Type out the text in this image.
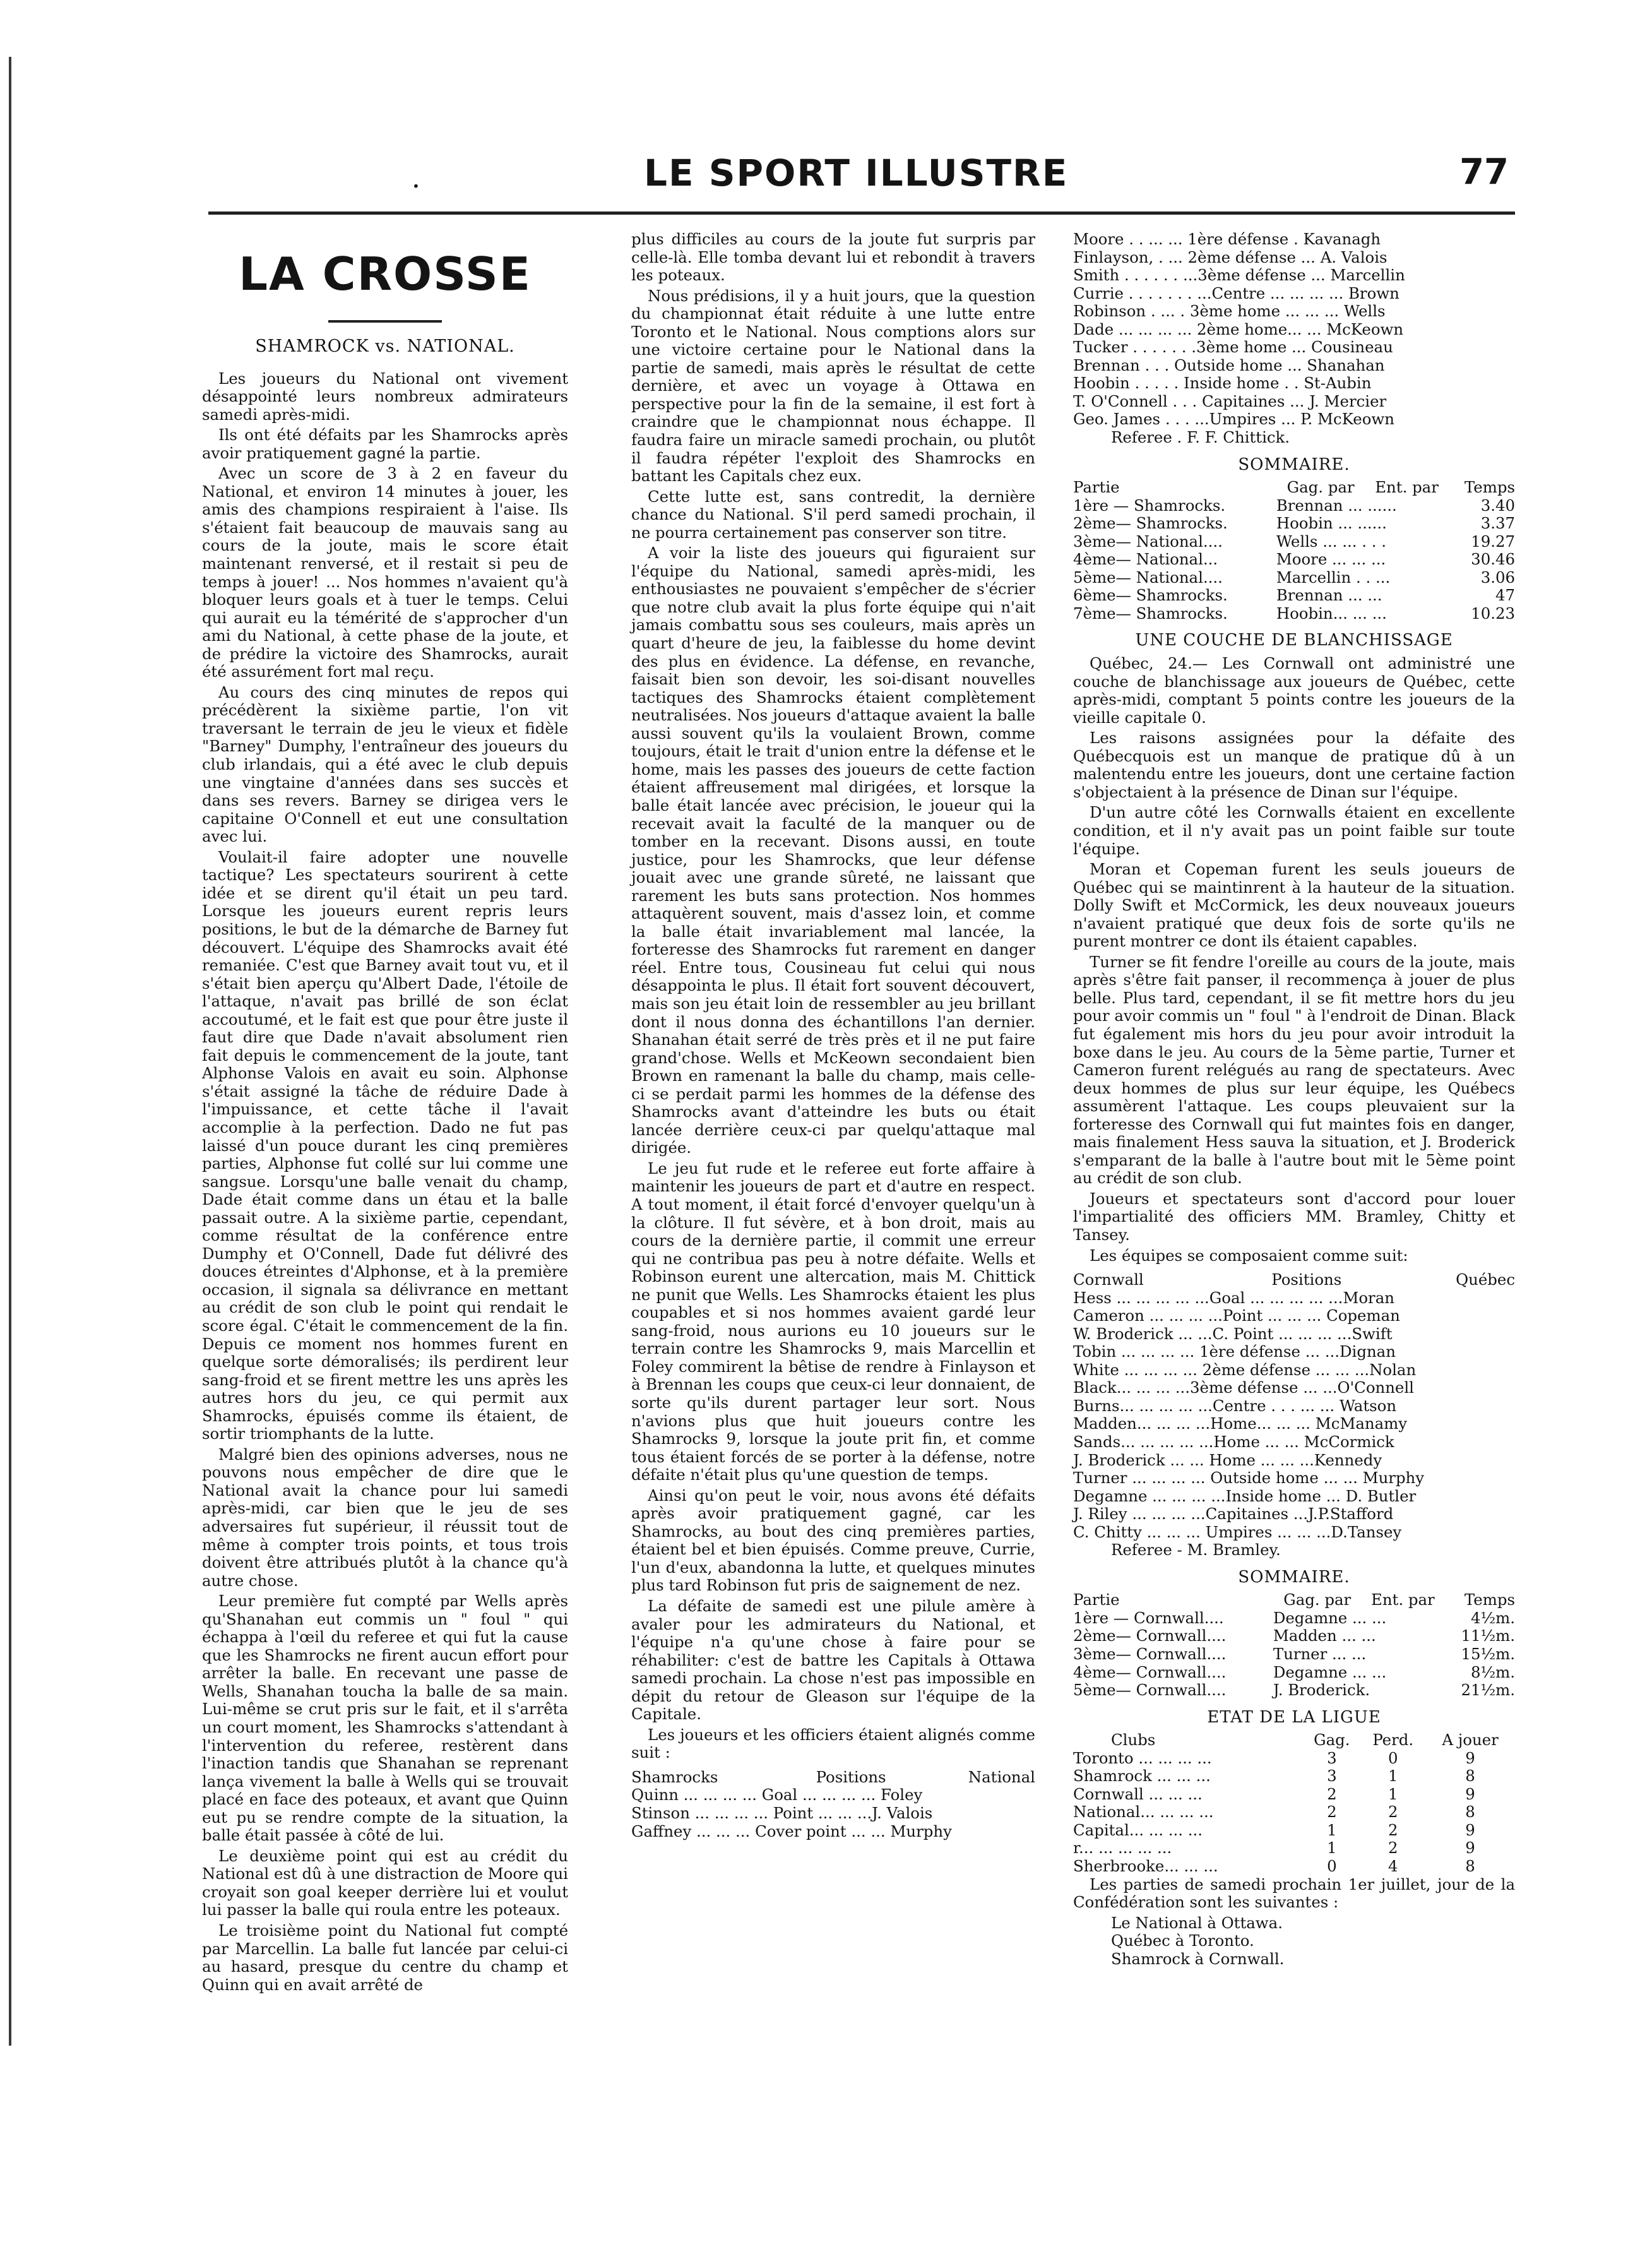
·	LE SPORT ILLUSTRE	77
LA CROSSE
SHAMROCK vs. NATIONAL.

Les joueurs du National ont vivement désappointé leurs nombreux admirateurs samedi après-midi.

Ils ont été défaits par les Shamrocks après avoir pratiquement gagné la partie.

Avec un score de 3 à 2 en faveur du National, et environ 14 minutes à jouer, les amis des champions respiraient à l'aise. Ils s'étaient fait beaucoup de mauvais sang au cours de la joute, mais le score était maintenant renversé, et il restait si peu de temps à jouer! ... Nos hommes n'avaient qu'à bloquer leurs goals et à tuer le temps. Celui qui aurait eu la témérité de s'approcher d'un ami du National, à cette phase de la joute, et de prédire la victoire des Shamrocks, aurait été assurément fort mal reçu.

Au cours des cinq minutes de repos qui précédèrent la sixième partie, l'on vit traversant le terrain de jeu le vieux et fidèle "Barney" Dumphy, l'entraîneur des joueurs du club irlandais, qui a été avec le club depuis une vingtaine d'années dans ses succès et dans ses revers. Barney se dirigea vers le capitaine O'Connell et eut une consultation avec lui.

Voulait-il faire adopter une nouvelle tactique? Les spectateurs sourirent à cette idée et se dirent qu'il était un peu tard. Lorsque les joueurs eurent repris leurs positions, le but de la démarche de Barney fut découvert. L'équipe des Shamrocks avait été remaniée. C'est que Barney avait tout vu, et il s'était bien aperçu qu'Albert Dade, l'étoile de l'attaque, n'avait pas brillé de son éclat accoutumé, et le fait est que pour être juste il faut dire que Dade n'avait absolument rien fait depuis le commencement de la joute, tant Alphonse Valois en avait eu soin. Alphonse s'était assigné la tâche de réduire Dade à l'impuissance, et cette tâche il l'avait accomplie à la perfection. Dado ne fut pas laissé d'un pouce durant les cinq premières parties, Alphonse fut collé sur lui comme une sangsue. Lorsqu'une balle venait du champ, Dade était comme dans un étau et la balle passait outre. A la sixième partie, cependant, comme résultat de la conférence entre Dumphy et O'Connell, Dade fut délivré des douces étreintes d'Alphonse, et à la première occasion, il signala sa délivrance en mettant au crédit de son club le point qui rendait le score égal. C'était le commencement de la fin. Depuis ce moment nos hommes furent en quelque sorte démoralisés; ils perdirent leur sang-froid et se firent mettre les uns après les autres hors du jeu, ce qui permit aux Shamrocks, épuisés comme ils étaient, de sortir triomphants de la lutte.

Malgré bien des opinions adverses, nous ne pouvons nous empêcher de dire que le National avait la chance pour lui samedi après-midi, car bien que le jeu de ses adversaires fut supérieur, il réussit tout de même à compter trois points, et tous trois doivent être attribués plutôt à la chance qu'à autre chose.

Leur première fut compté par Wells après qu'Shanahan eut commis un " foul " qui échappa à l'œil du referee et qui fut la cause que les Shamrocks ne firent aucun effort pour arrêter la balle. En recevant une passe de Wells, Shanahan toucha la balle de sa main. Lui-même se crut pris sur le fait, et il s'arrêta un court moment, les Shamrocks s'attendant à l'intervention du referee, restèrent dans l'inaction tandis que Shanahan se reprenant lança vivement la balle à Wells qui se trouvait placé en face des poteaux, et avant que Quinn eut pu se rendre compte de la situation, la balle était passée à côté de lui.

Le deuxième point qui est au crédit du National est dû à une distraction de Moore qui croyait son goal keeper derrière lui et voulut lui passer la balle qui roula entre les poteaux.

Le troisième point du National fut compté par Marcellin. La balle fut lancée par celui-ci au hasard, presque du centre du champ et Quinn qui en avait arrêté de

plus difficiles au cours de la joute fut surpris par celle-là. Elle tomba devant lui et rebondit à travers les poteaux.

Nous prédisions, il y a huit jours, que la question du championnat était réduite à une lutte entre Toronto et le National. Nous comptions alors sur une victoire certaine pour le National dans la partie de samedi, mais après le résultat de cette dernière, et avec un voyage à Ottawa en perspective pour la fin de la semaine, il est fort à craindre que le championnat nous échappe. Il faudra faire un miracle samedi prochain, ou plutôt il faudra répéter l'exploit des Shamrocks en battant les Capitals chez eux.

Cette lutte est, sans contredit, la dernière chance du National. S'il perd samedi prochain, il ne pourra certainement pas conserver son titre.

A voir la liste des joueurs qui figuraient sur l'équipe du National, samedi après-midi, les enthousiastes ne pouvaient s'empêcher de s'écrier que notre club avait la plus forte équipe qui n'ait jamais combattu sous ses couleurs, mais après un quart d'heure de jeu, la faiblesse du home devint des plus en évidence. La défense, en revanche, faisait bien son devoir, les soi-disant nouvelles tactiques des Shamrocks étaient complètement neutralisées. Nos joueurs d'attaque avaient la balle aussi souvent qu'ils la voulaient Brown, comme toujours, était le trait d'union entre la défense et le home, mais les passes des joueurs de cette faction étaient affreusement mal dirigées, et lorsque la balle était lancée avec précision, le joueur qui la recevait avait la faculté de la manquer ou de tomber en la recevant. Disons aussi, en toute justice, pour les Shamrocks, que leur défense jouait avec une grande sûreté, ne laissant que rarement les buts sans protection. Nos hommes attaquèrent souvent, mais d'assez loin, et comme la balle était invariablement mal lancée, la forteresse des Shamrocks fut rarement en danger réel. Entre tous, Cousineau fut celui qui nous désappointa le plus. Il était fort souvent découvert, mais son jeu était loin de ressembler au jeu brillant dont il nous donna des échantillons l'an dernier. Shanahan était serré de très près et il ne put faire grand'chose. Wells et McKeown secondaient bien Brown en ramenant la balle du champ, mais celle-ci se perdait parmi les hommes de la défense des Shamrocks avant d'atteindre les buts ou était lancée derrière ceux-ci par quelqu'attaque mal dirigée.

Le jeu fut rude et le referee eut forte affaire à maintenir les joueurs de part et d'autre en respect. A tout moment, il était forcé d'envoyer quelqu'un à la clôture. Il fut sévère, et à bon droit, mais au cours de la dernière partie, il commit une erreur qui ne contribua pas peu à notre défaite. Wells et Robinson eurent une altercation, mais M. Chittick ne punit que Wells. Les Shamrocks étaient les plus coupables et si nos hommes avaient gardé leur sang-froid, nous aurions eu 10 joueurs sur le terrain contre les Shamrocks 9, mais Marcellin et Foley commirent la bêtise de rendre à Finlayson et à Brennan les coups que ceux-ci leur donnaient, de sorte qu'ils durent partager leur sort. Nous n'avions plus que huit joueurs contre les Shamrocks 9, lorsque la joute prit fin, et comme tous étaient forcés de se porter à la défense, notre défaite n'était plus qu'une question de temps.

Ainsi qu'on peut le voir, nous avons été défaits après avoir pratiquement gagné, car les Shamrocks, au bout des cinq premières parties, étaient bel et bien épuisés. Comme preuve, Currie, l'un d'eux, abandonna la lutte, et quelques minutes plus tard Robinson fut pris de saignement de nez.

La défaite de samedi est une pilule amère à avaler pour les admirateurs du National, et l'équipe n'a qu'une chose à faire pour se réhabiliter: c'est de battre les Capitals à Ottawa samedi prochain. La chose n'est pas impossible en dépit du retour de Gleason sur l'équipe de la Capitale.

Les joueurs et les officiers étaient alignés comme suit :

Shamrocks	Positions	National
Quinn ... ... ... ... Goal ... ... ... ... Foley
Stinson ... ... ... ... Point ... ... ...J. Valois
Gaffney ... ... ... Cover point ... ... Murphy
Moore . . ... ... 1ère défense . Kavanagh
Finlayson, . ... 2ème défense ... A. Valois
Smith . . . . . . ...3ème défense ... Marcellin
Currie . . . . . . . ...Centre ... ... ... ... Brown
Robinson . ... . 3ème home ... ... ... Wells
Dade ... ... ... ... 2ème home... ... McKeown
Tucker . . . . . . .3ème home ... Cousineau
Brennan . . . Outside home ... Shanahan
Hoobin . . . . . Inside home . . St-Aubin
T. O'Connell . . . Capitaines ... J. Mercier
Geo. James . . . ...Umpires ... P. McKeown
Referee . F. F. Chittick.
SOMMAIRE.
Partie	Gag. par	Ent. par	Temps
1ère — Shamrocks.	Brennan ... ......		3.40
2ème— Shamrocks.	Hoobin ... ......		3.37
3ème— National....	Wells ... ... . . .		19.27
4ème— National...	Moore ... ... ...		30.46
5ème— National....	Marcellin . . ...		3.06
6ème— Shamrocks.	Brennan ... ...		47
7ème— Shamrocks.	Hoobin... ... ...		10.23
UNE COUCHE DE BLANCHISSAGE

Québec, 24.— Les Cornwall ont administré une couche de blanchissage aux joueurs de Québec, cette après-midi, comptant 5 points contre les joueurs de la vieille capitale 0.

Les raisons assignées pour la défaite des Québecquois est un manque de pratique dû à un malentendu entre les joueurs, dont une certaine faction s'objectaient à la présence de Dinan sur l'équipe.

D'un autre côté les Cornwalls étaient en excellente condition, et il n'y avait pas un point faible sur toute l'équipe.

Moran et Copeman furent les seuls joueurs de Québec qui se maintinrent à la hauteur de la situation. Dolly Swift et McCormick, les deux nouveaux joueurs n'avaient pratiqué que deux fois de sorte qu'ils ne purent montrer ce dont ils étaient capables.

Turner se fit fendre l'oreille au cours de la joute, mais après s'être fait panser, il recommença à jouer de plus belle. Plus tard, cependant, il se fit mettre hors du jeu pour avoir commis un " foul " à l'endroit de Dinan. Black fut également mis hors du jeu pour avoir introduit la boxe dans le jeu. Au cours de la 5ème partie, Turner et Cameron furent relégués au rang de spectateurs. Avec deux hommes de plus sur leur équipe, les Québecs assumèrent l'attaque. Les coups pleuvaient sur la forteresse des Cornwall qui fut maintes fois en danger, mais finalement Hess sauva la situation, et J. Broderick s'emparant de la balle à l'autre bout mit le 5ème point au crédit de son club.

Joueurs et spectateurs sont d'accord pour louer l'impartialité des officiers MM. Bramley, Chitty et Tansey.

Les équipes se composaient comme suit:

Cornwall	Positions	Québec
Hess ... ... ... ... ...Goal ... ... ... ... ...Moran
Cameron ... ... ... ...Point ... ... ... Copeman
W. Broderick ... ...C. Point ... ... ... ...Swift
Tobin ... ... ... ... 1ère défense ... ...Dignan
White ... ... ... ... 2ème défense ... ... ...Nolan
Black... ... ... ...3ème défense ... ...O'Connell
Burns... ... ... ... ...Centre . . . ... ... Watson
Madden... ... ... ...Home... ... ... McManamy
Sands... ... ... ... ...Home ... ... McCormick
J. Broderick ... ... Home ... ... ...Kennedy
Turner ... ... ... ... Outside home ... ... Murphy
Degamne ... ... ... ...Inside home ... D. Butler
J. Riley ... ... ... ...Capitaines ...J.P.Stafford
C. Chitty ... ... ... Umpires ... ... ...D.Tansey
Referee - M. Bramley.
SOMMAIRE.
Partie	Gag. par	Ent. par	Temps
1ère — Cornwall....	Degamne ... ...		4½m.
2ème— Cornwall....	Madden ... ...		11½m.
3ème— Cornwall....	Turner ... ...		15½m.
4ème— Cornwall....	Degamne ... ...		8½m.
5ème— Cornwall....	J. Broderick.		21½m.
ETAT DE LA LIGUE
Clubs	Gag.	Perd.	A jouer
Toronto ... ... ... ...	3	0	9
Shamrock ... ... ...	3	1	8
Cornwall ... ... ...	2	1	9
National... ... ... ...	2	2	8
Capital... ... ... ...	1	2	9
r... ... ... ... ...	1	2	9
Sherbrooke... ... ...	0	4	8

Les parties de samedi prochain 1er juillet, jour de la Confédération sont les suivantes :

Le National à Ottawa.
Québec à Toronto.
Shamrock à Cornwall.
